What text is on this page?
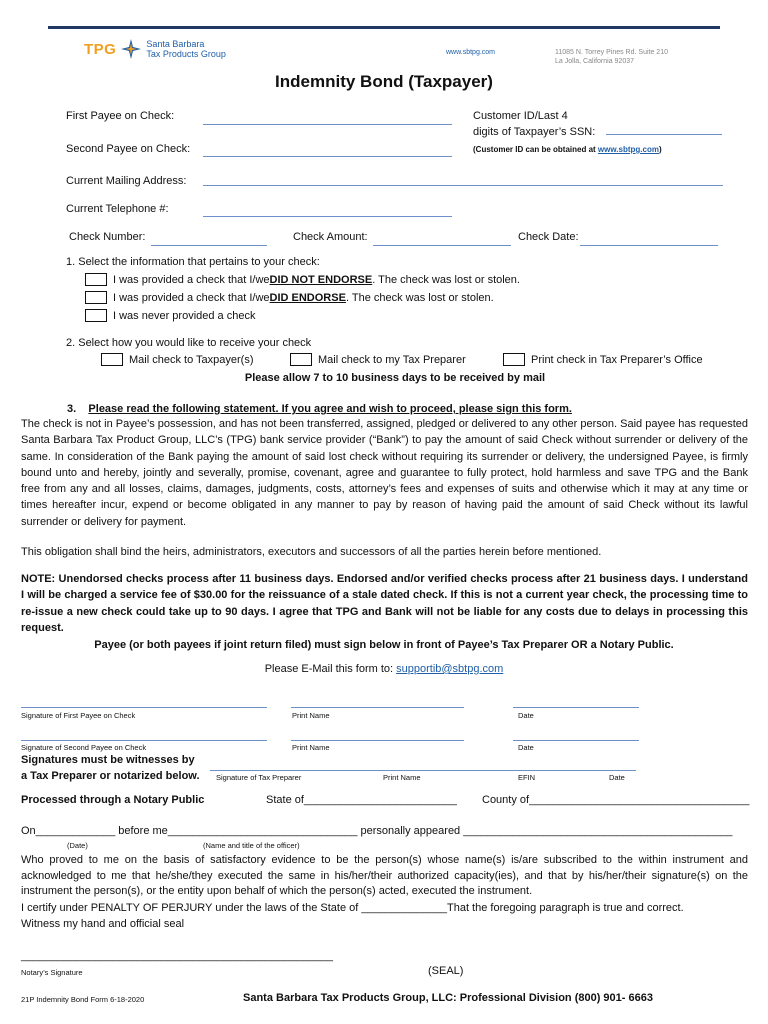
TPG	Santa Barbara
Tax Products Group	www.sbtpg.com	11085 N. Torrey Pines Rd. Suite 210
La Jolla, California 92037
Indemnity Bond (Taxpayer)
First Payee on Check:	Customer ID/Last 4
digits of Taxpayer’s SSN:
(Customer ID can be obtained at www.sbtpg.com)
Second Payee on Check:
Current Mailing Address:
Current Telephone #:
Check Number:	Check Amount:	Check Date:
1. Select the information that pertains to your check:
I was provided a check that I/we DID NOT ENDORSE . The check was lost or stolen.
I was provided a check that I/we DID ENDORSE . The check was lost or stolen.
I was never provided a check
2. Select how you would like to receive your check
Mail check to Taxpayer(s)	Mail check to my Tax Preparer	Print check in Tax Preparer’s Office
Please allow 7 to 10 business days to be received by mail
3. Please read the following statement. If you agree and wish to proceed, please sign this form.
The check is not in Payee’s possession, and has not been transferred, assigned, pledged or delivered to any other person. Said payee has requested Santa Barbara Tax Product Group, LLC’s (TPG) bank service provider (“Bank”) to pay the amount of said Check without surrender or delivery of the same. In consideration of the Bank paying the amount of said lost check without requiring its surrender or delivery, the undersigned Payee, is firmly bound unto and hereby, jointly and severally, promise, covenant, agree and guarantee to fully protect, hold harmless and save TPG and the Bank free from any and all losses, claims, damages, judgments, costs, attorney’s fees and expenses of suits and otherwise which it may at any time or times hereafter incur, expend or become obligated in any manner to pay by reason of having paid the amount of said Check without its lawful surrender or delivery for payment.
This obligation shall bind the heirs, administrators, executors and successors of all the parties herein before mentioned.
NOTE: Unendorsed checks process after 11 business days. Endorsed and/or verified checks process after 21 business days. I understand I will be charged a service fee of $30.00 for the reissuance of a stale dated check. If this is not a current year check, the processing time to re-issue a new check could take up to 90 days. I agree that TPG and Bank will not be liable for any costs due to delays in processing this request.
Payee (or both payees if joint return filed) must sign below in front of Payee’s Tax Preparer OR a Notary Public.
Please E-Mail this form to: supportib@sbtpg.com
Signature of First Payee on Check	Print Name	Date
Signature of Second Payee on Check	Print Name	Date
Signatures must be witnesses by
a Tax Preparer or notarized below. Signature of Tax Preparer	Print Name	EFIN	Date
Processed through a Notary Public	State of_________________________ County of____________________________________
On_____________ before me_______________________________ personally appeared ____________________________________________
(Date)	(Name and title of the officer)
Who proved to me on the basis of satisfactory evidence to be the person(s) whose name(s) is/are subscribed to the within instrument and acknowledged to me that he/she/they executed the same in his/her/their authorized capacity(ies), and that by his/her/their signature(s) on the instrument the person(s), or the entity upon behalf of which the person(s) acted, executed the instrument.
I certify under PENALTY OF PERJURY under the laws of the State of ______________That the foregoing paragraph is true and correct.
Witness my hand and official seal
___________________________________________________
Notary’s Signature	(SEAL)
21P Indemnity Bond Form 6-18-2020	Santa Barbara Tax Products Group, LLC: Professional Division (800) 901- 6663
